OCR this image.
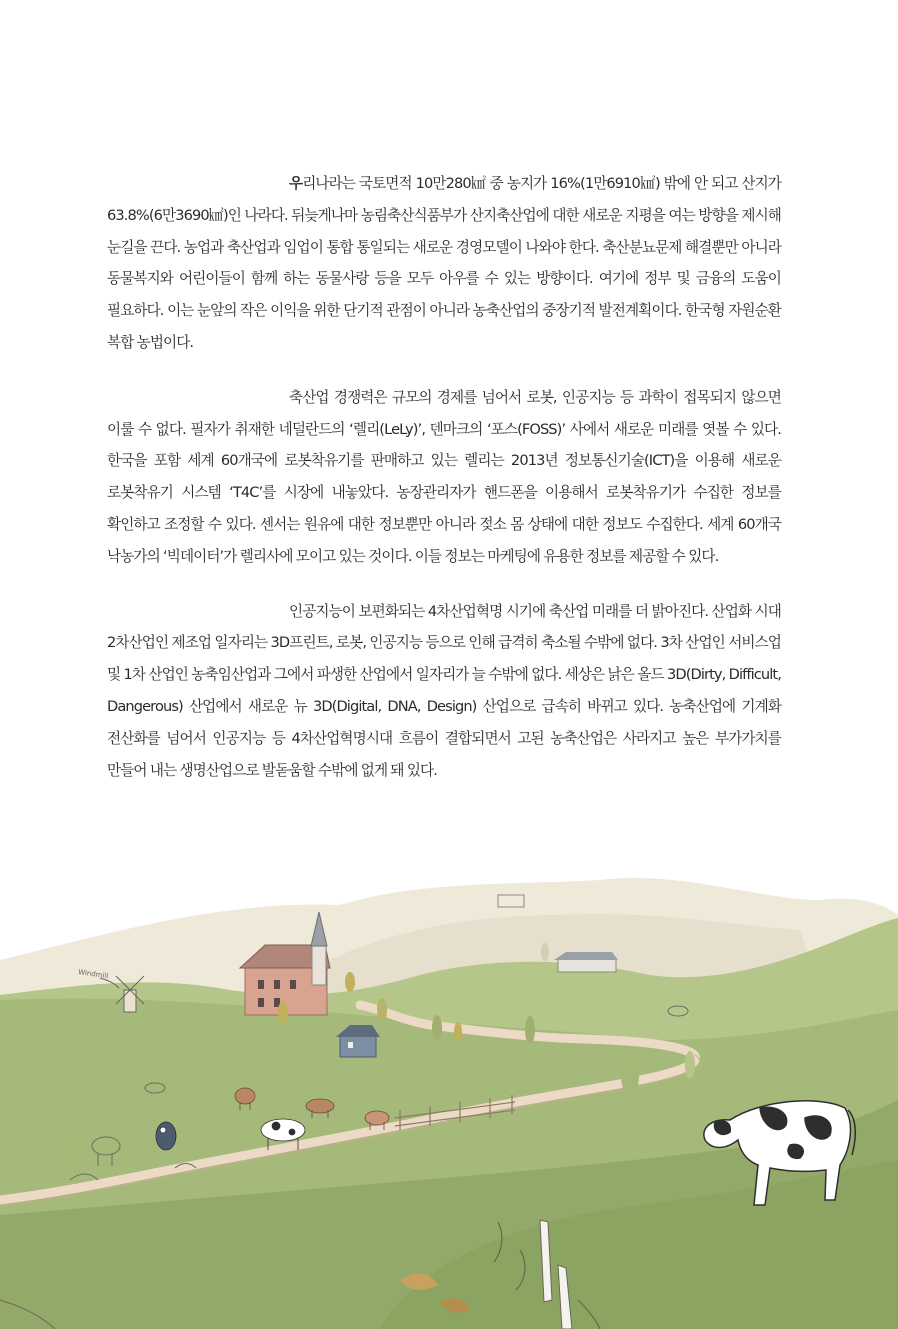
우리나라는 국토면적 10만280㎢ 중 농지가 16%(1만6910㎢) 밖에 안 되고 산지가 63.8%(6만3690㎢)인 나라다. 뒤늦게나마 농림축산식품부가 산지축산업에 대한 새로운 지평을 여는 방향을 제시해 눈길을 끈다. 농업과 축산업과 임업이 통합 통일되는 새로운 경영모델이 나와야 한다. 축산분뇨문제 해결뿐만 아니라 동물복지와 어린이들이 함께 하는 동물사랑 등을 모두 아우를 수 있는 방향이다. 여기에 정부 및 금융의 도움이 필요하다. 이는 눈앞의 작은 이익을 위한 단기적 관점이 아니라 농축산업의 중장기적 발전계획이다. 한국형 자원순환 복합 농법이다.

축산업 경쟁력은 규모의 경제를 넘어서 로봇, 인공지능 등 과학이 접목되지 않으면 이룰 수 없다. 필자가 취재한 네덜란드의 ‘렐리(LeLy)’, 덴마크의 ‘포스(FOSS)’ 사에서 새로운 미래를 엿볼 수 있다. 한국을 포함 세계 60개국에 로봇착유기를 판매하고 있는 렐리는 2013년 정보통신기술(ICT)을 이용해 새로운 로봇착유기 시스템 ‘T4C’를 시장에 내놓았다. 농장관리자가 핸드폰을 이용해서 로봇착유기가 수집한 정보를 확인하고 조정할 수 있다. 센서는 원유에 대한 정보뿐만 아니라 젖소 몸 상태에 대한 정보도 수집한다. 세계 60개국 낙농가의 ‘빅데이터’가 렐리사에 모이고 있는 것이다. 이들 정보는 마케팅에 유용한 정보를 제공할 수 있다.

인공지능이 보편화되는 4차산업혁명 시기에 축산업 미래를 더 밝아진다. 산업화 시대 2차산업인 제조업 일자리는 3D프린트, 로봇, 인공지능 등으로 인해 급격히 축소될 수밖에 없다. 3차 산업인 서비스업 및 1차 산업인 농축임산업과 그에서 파생한 산업에서 일자리가 늘 수밖에 없다. 세상은 낡은 올드 3D(Dirty, Difficult, Dangerous) 산업에서 새로운 뉴 3D(Digital, DNA, Design) 산업으로 급속히 바뀌고 있다. 농축산업에 기계화 전산화를 넘어서 인공지능 등 4차산업혁명시대 흐름이 결합되면서 고된 농축산업은 사라지고 높은 부가가치를 만들어 내는 생명산업으로 발돋움할 수밖에 없게 돼 있다.

Windmill
